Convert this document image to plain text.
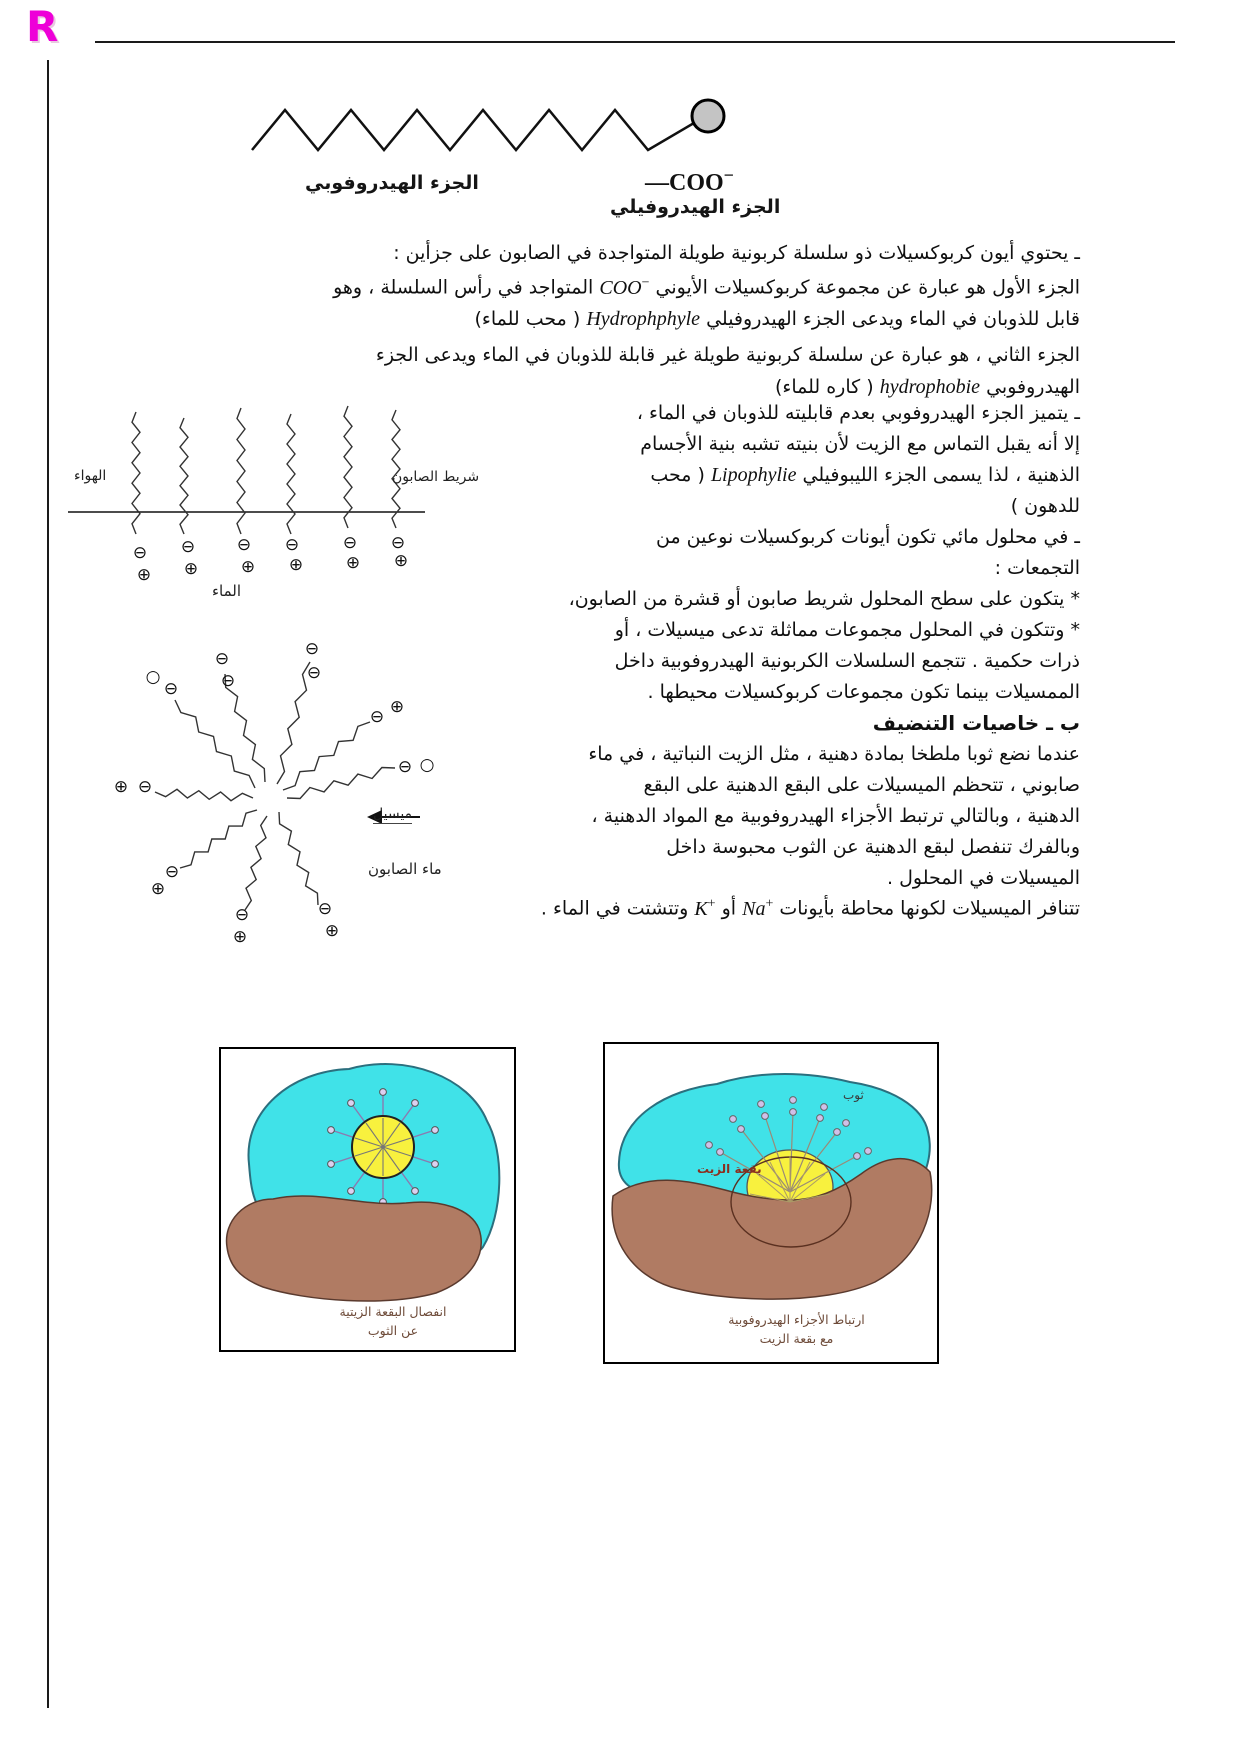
R
—COO−
الجزء الهيدروفوبي
الجزء الهيدروفيلي
ـ يحتوي أيون كربوكسيلات ذو سلسلة كربونية طويلة المتواجدة في الصابون على جزأين :
الجزء الأول هو عبارة عن مجموعة كربوكسيلات الأيوني COO− المتواجد في رأس السلسلة ، وهو
قابل للذوبان في الماء ويدعى الجزء الهيدروفيلي Hydrophphyle ( محب للماء)
الجزء الثاني ، هو عبارة عن سلسلة كربونية طويلة غير قابلة للذوبان في الماء ويدعى الجزء
الهيدروفوبي hydrophobie ( كاره للماء)
ـ يتميز الجزء الهيدروفوبي بعدم قابليته للذوبان في الماء ،
إلا أنه يقبل التماس مع الزيت لأن بنيته تشبه بنية الأجسام
الذهنية ، لذا يسمى الجزء الليبوفيلي Lipophylie ( محب
للدهون )
ـ في محلول مائي تكون أيونات كربوكسيلات نوعين من
التجمعات :
* يتكون على سطح المحلول شريط صابون أو قشرة من الصابون،
* وتتكون في المحلول مجموعات مماثلة تدعى ميسيلات ، أو
ذرات حكمية . تتجمع السلسلات الكربونية الهيدروفوبية داخل
الممسيلات بينما تكون مجموعات كربوكسيلات محيطها .
ب ـ خاصيات التنضيف
عندما نضع ثوبا ملطخا بمادة دهنية ، مثل الزيت النباتية ، في ماء
صابوني ، تتحظم الميسيلات على البقع الدهنية على البقع
الدهنية ، وبالتالي ترتبط الأجزاء الهيدروفوبية مع المواد الدهنية ،
وبالفرك تنفصل لبقع الدهنية عن الثوب محبوسة داخل
الميسيلات في المحلول .
تتنافر الميسيلات لكونها محاطة بأيونات Na+ أو K+ وتتشتت في الماء .
⊖ ⊖ ⊖ ⊖	⊖ ⊖
⊕ ⊕	⊕ ⊕	⊕ ⊕
الهواء	شريط الصابون
الماء
⊖
⊖	⊖
⊖
⊖
⊖
⊖
⊖	⊖
⊖	⊖
⊕
⊕
⊕
⊕	⊕
○
○
ميسيل
ماء الصابون
انفصال البقعة الزيتية
عن الثوب
بقعة الزيت
ثوب
ارتباط الأجزاء الهيدروفوبية
مع بقعة الزيت
